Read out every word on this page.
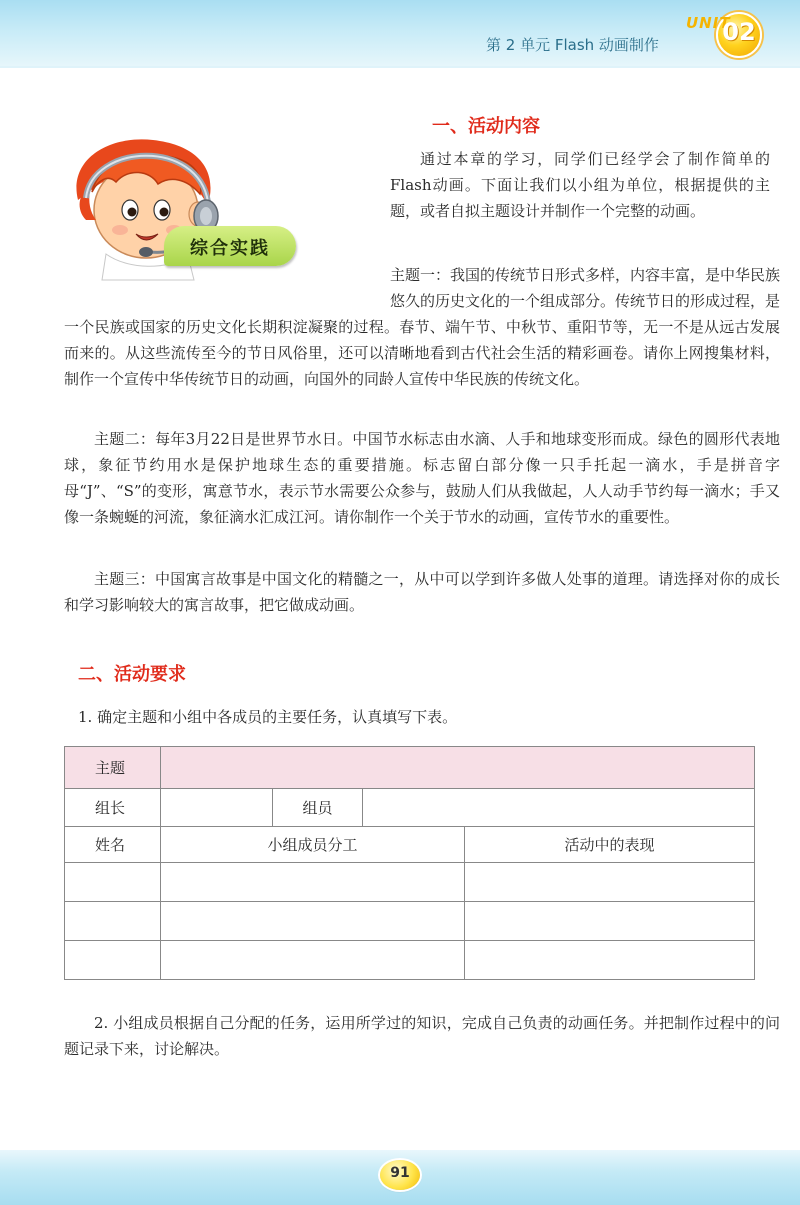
第 2 单元 Flash 动画制作
UNIT
02
综合实践
一、活动内容
通过本章的学习，同学们已经学会了制作简单的Flash动画。下面让我们以小组为单位，根据提供的主题，或者自拟主题设计并制作一个完整的动画。
主题一：我国的传统节日形式多样，内容丰富，是中华民族悠久的历史文化的一个组成部分。传统节日的形成过程，是一个民族或国家的历史文化长期积淀凝聚的过程。春节、端午节、中秋节、重阳节等，无一不是从远古发展而来的。从这些流传至今的节日风俗里，还可以清晰地看到古代社会生活的精彩画卷。请你上网搜集材料，制作一个宣传中华传统节日的动画，向国外的同龄人宣传中华民族的传统文化。
主题二：每年3月22日是世界节水日。中国节水标志由水滴、人手和地球变形而成。绿色的圆形代表地球，象征节约用水是保护地球生态的重要措施。标志留白部分像一只手托起一滴水，手是拼音字母“J”、“S”的变形，寓意节水，表示节水需要公众参与，鼓励人们从我做起，人人动手节约每一滴水；手又像一条蜿蜒的河流，象征滴水汇成江河。请你制作一个关于节水的动画，宣传节水的重要性。
主题三：中国寓言故事是中国文化的精髓之一，从中可以学到许多做人处事的道理。请选择对你的成长和学习影响较大的寓言故事，把它做成动画。
二、活动要求
1. 确定主题和小组中各成员的主要任务，认真填写下表。
主题				
组长		组员		
姓名	小组成员分工			活动中的表现

2. 小组成员根据自己分配的任务，运用所学过的知识，完成自己负责的动画任务。并把制作过程中的问题记录下来，讨论解决。
91
